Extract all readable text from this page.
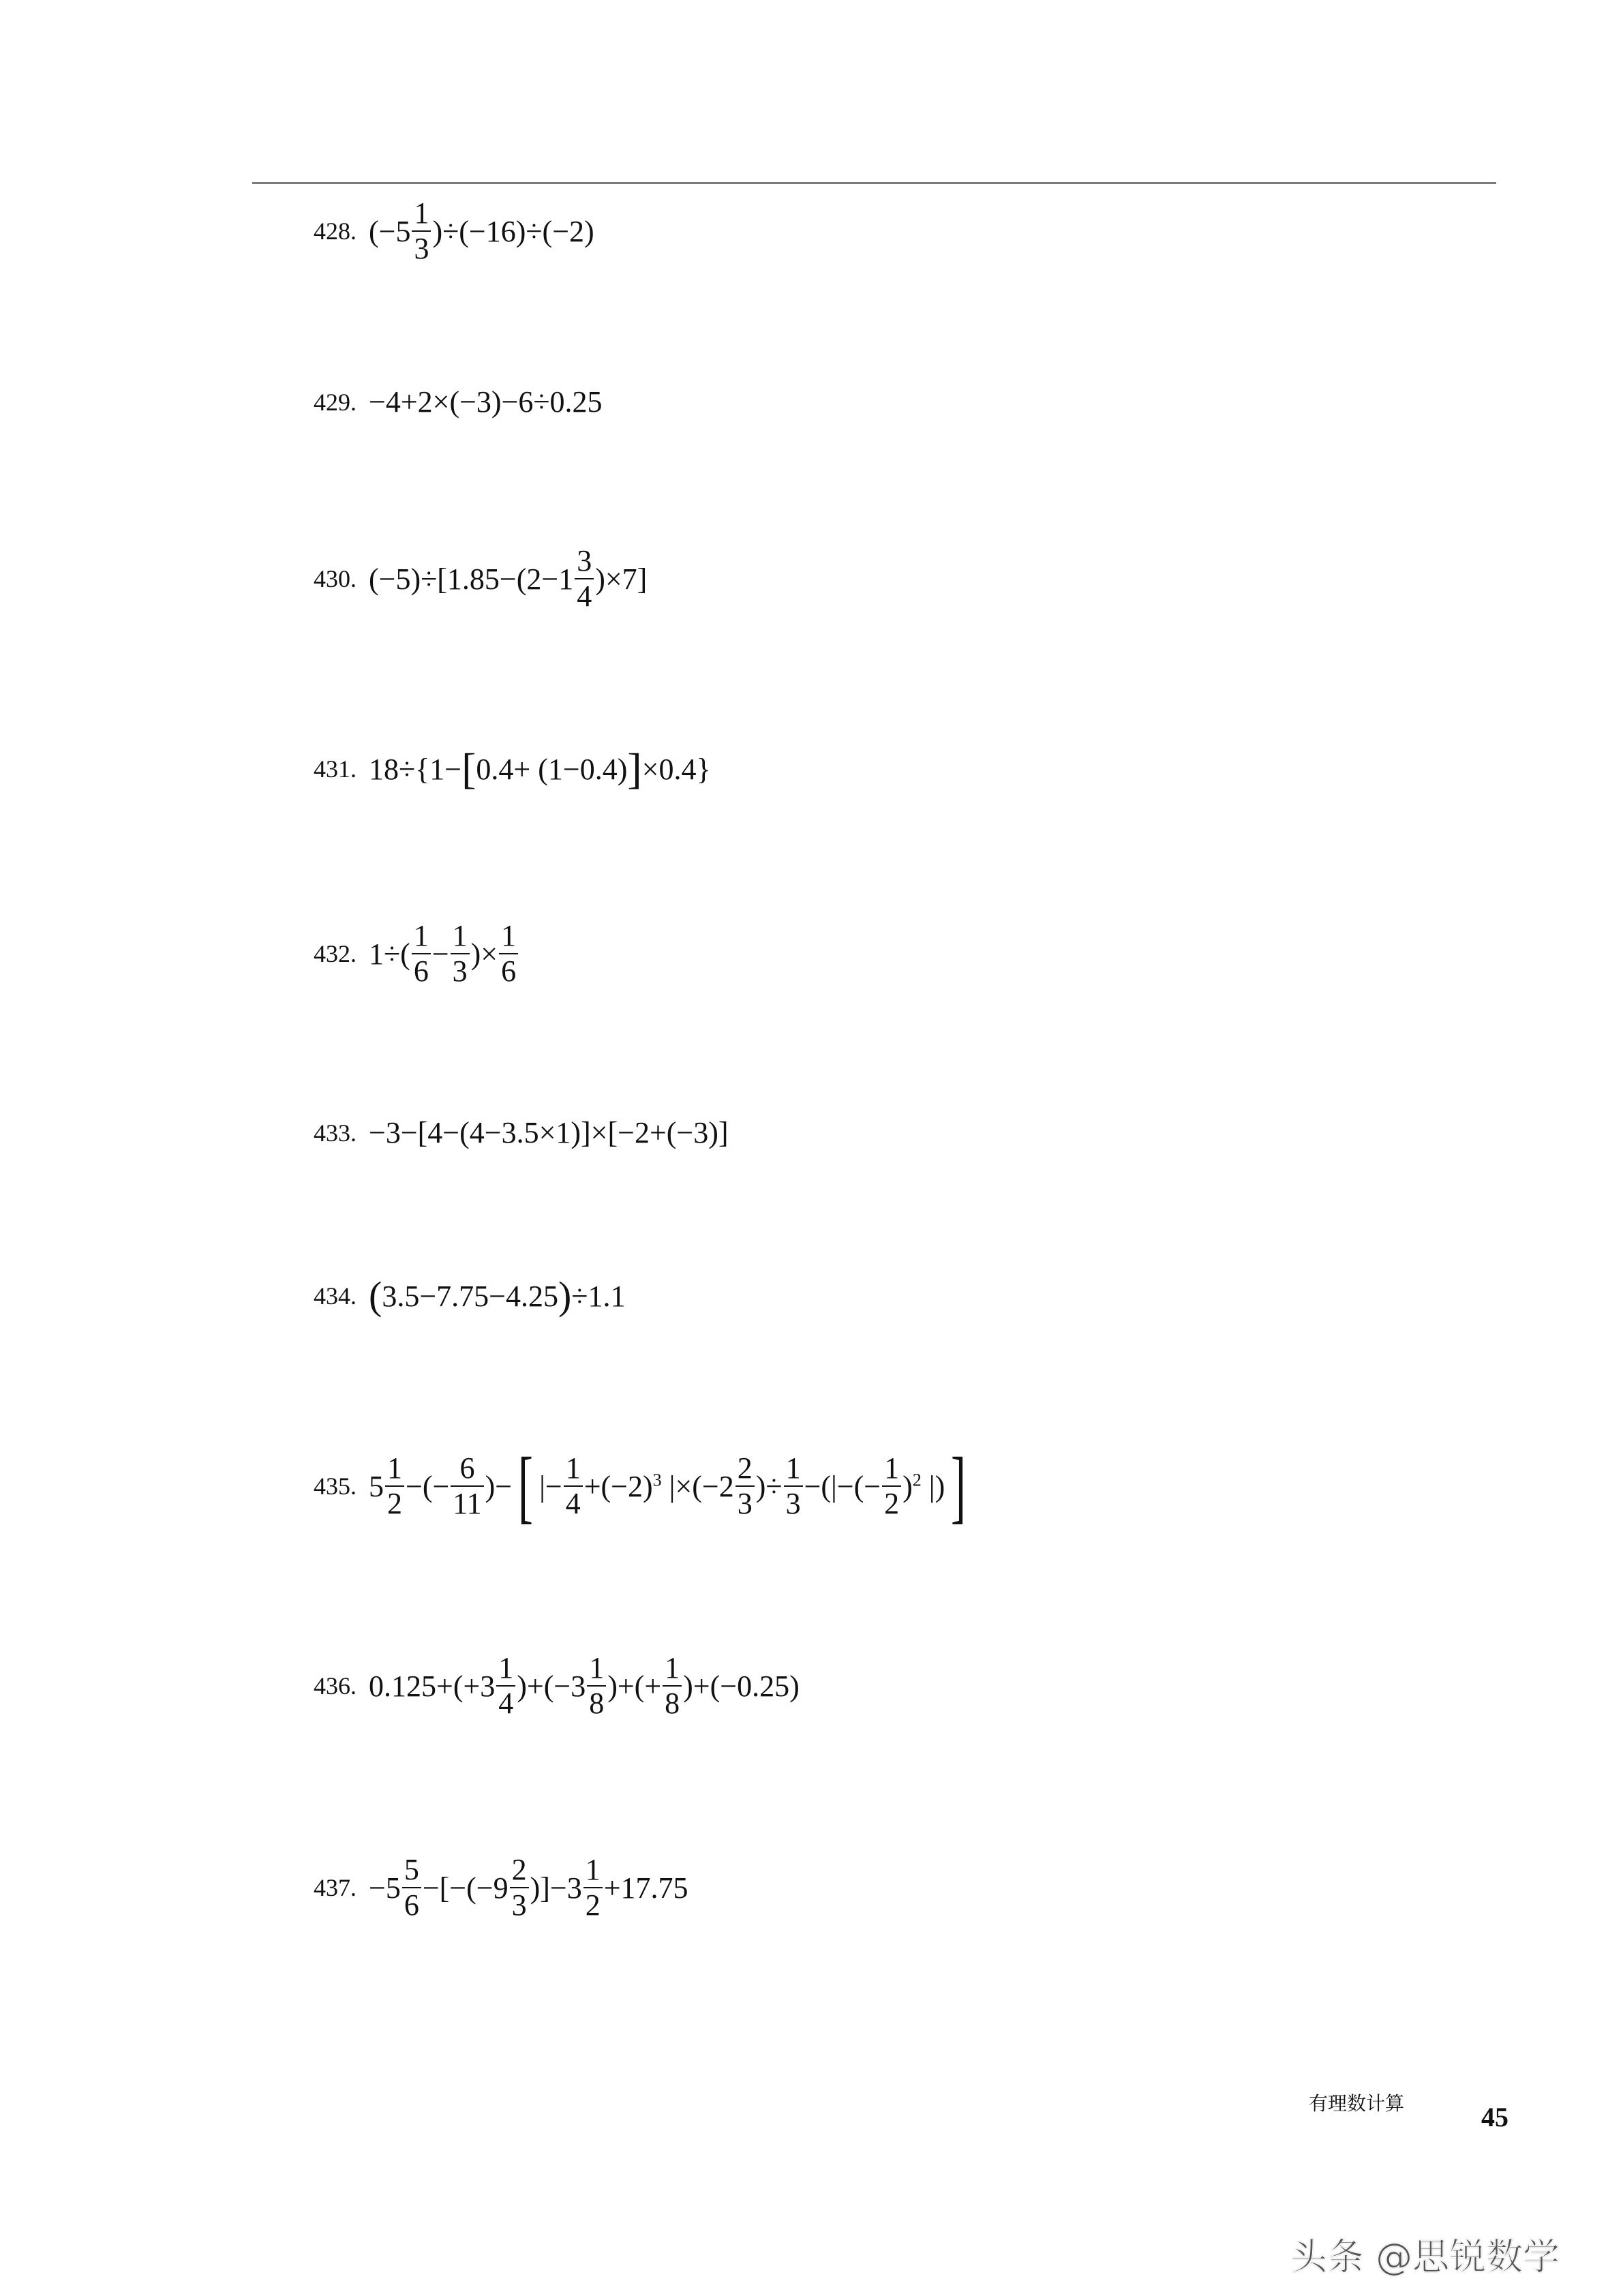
428. $(-5 \frac{1}{3} )\div(-16)\div(-2)$
429. −4+2×(−3)−6÷0.25
430. $(-5)\div[1.85-(2-1 \frac{3}{4} )\times 7]$
431. 18÷{1− [ 0.4+ (1−0.4) ] ×0.4}
432. $1\div( \frac{1}{6} - \frac{1}{3}$ )× $\frac{1}{6}$
433. −3−[4−(4−3.5×1)]×[−2+(−3)]
434. ( 3.5−7.75−4.25 ) ÷1.1
435. $5 \frac{1}{2}$ −(− $\frac{6}{11}$ )− [ |− $\frac{1}{4} +(-2)^3$ $|\times(-2 \frac{2}{3}$ )÷ $\frac{1}{3}$ −(|−(− $\frac{1}{2} )^2$ |) ]
436. $0.125+(+3 \frac{1}{4} )+(-3 \frac{1}{8}$ )+(+ $\frac{1}{8} )+(-0.25)$
437. $-5 \frac{5}{6} -[-(-9 \frac{2}{3} )]-3 \frac{1}{2} +17.75$
有理数计算	45
头条 @思锐数学
